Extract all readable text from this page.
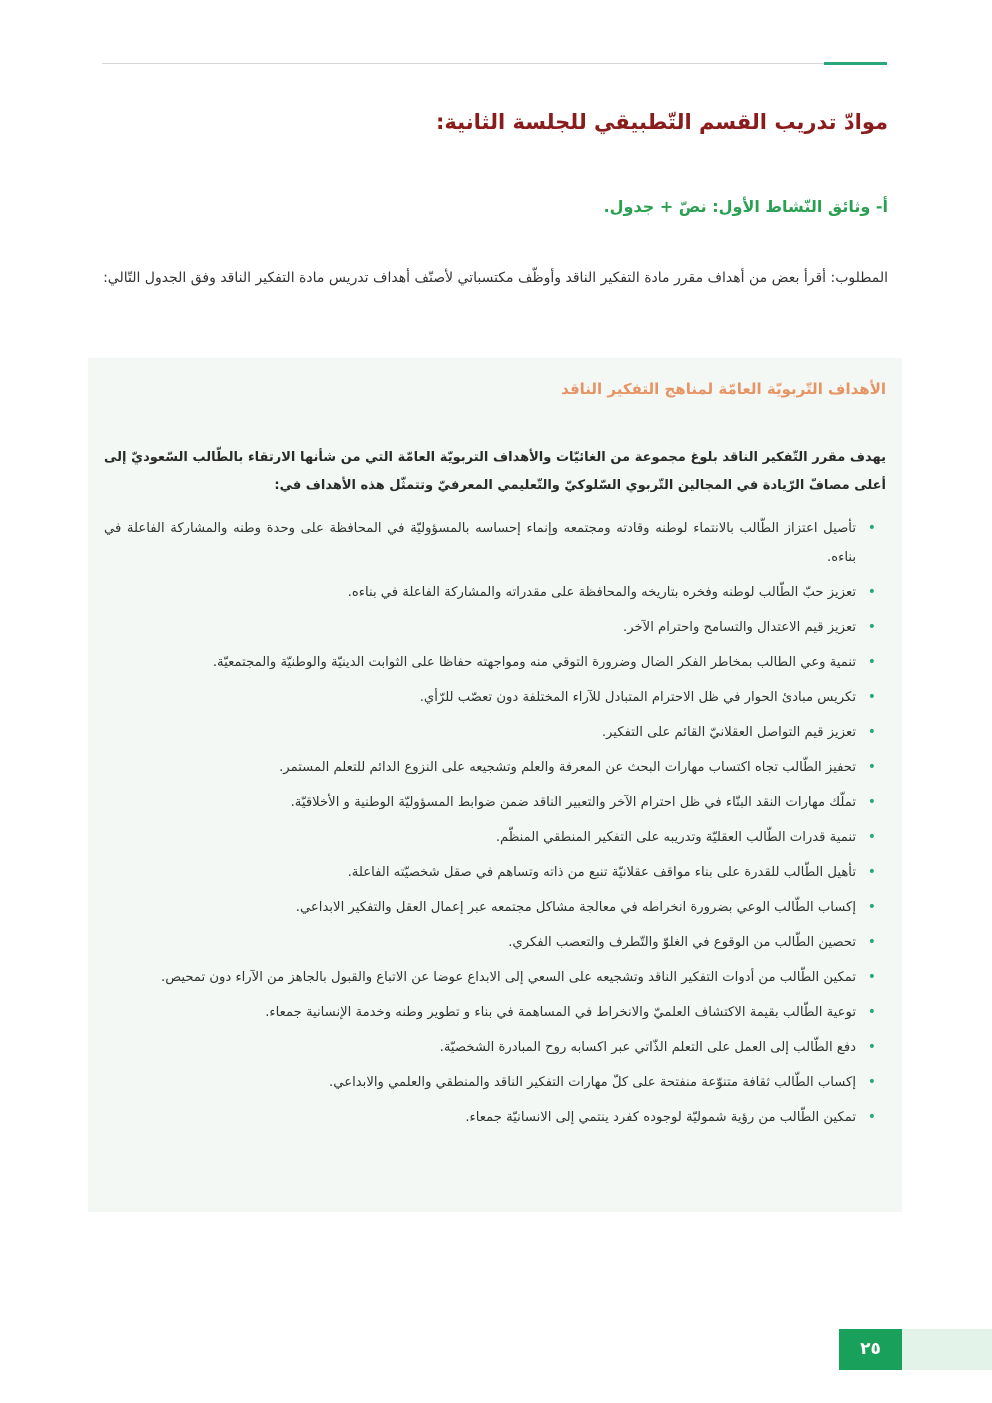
موادّ تدريب القسم التّطبيقي للجلسة الثانية:
أ- وثائق النّشاط الأول: نصّ + جدول.

المطلوب: أقرأ بعض من أهداف مقرر مادة التفكير الناقد وأوظّف مكتسباتي لأصنّف أهداف تدريس مادة التفكير الناقد وفق الجدول التّالي:

الأهداف التّربويّة العامّة لمناهج التفكير الناقد

يهدف مقرر التّفكير الناقد بلوغ مجموعة من الغائيّات والأهداف التربويّة العامّة التي من شأنها الارتقاء بالطّالب السّعوديّ إلى أعلى مصافّ الرّيادة في المجالين التّربوي السّلوكيّ والتّعليمي المعرفيّ وتتمثّل هذه الأهداف في:

•
تأصيل اعتزاز الطّالب بالانتماء لوطنه وقادته ومجتمعه وإنماء إحساسه بالمسؤوليّة في المحافظة على وحدة وطنه والمشاركة الفاعلة في بناءه.
•
تعزيز حبّ الطّالب لوطنه وفخره بتاريخه والمحافظة على مقدراته والمشاركة الفاعلة في بناءه.
•
تعزيز قيم الاعتدال والتسامح واحترام الآخر.
•
تنمية وعي الطالب بمخاطر الفكر الضال وضرورة التوقي منه ومواجهته حفاظا على الثوابت الدينيّة والوطنيّة والمجتمعيّة.
•
تكريس مبادئ الحوار في ظل الاحترام المتبادل للآراء المختلفة دون تعصّب للرّأي.
•
تعزيز قيم التواصل العقلانيّ القائم على التفكير.
•
تحفيز الطّالب تجاه اكتساب مهارات البحث عن المعرفة والعلم وتشجيعه على النزوع الدائم للتعلم المستمر.
•
تملّك مهارات النقد البنّاء في ظل احترام الآخر والتعبير الناقد ضمن ضوابط المسؤوليّة الوطنية و الأخلاقيّة.
•
تنمية قدرات الطّالب العقليّة وتدريبه على التفكير المنطقي المنظّم.
•
تأهيل الطّالب للقدرة على بناء مواقف عقلانيّة تنبع من ذاته وتساهم في صقل شخصيّته الفاعلة.
•
إكساب الطّالب الوعي بضرورة انخراطه في معالجة مشاكل مجتمعه عبر إعمال العقل والتفكير الابداعي.
•
تحصين الطّالب من الوقوع في الغلوّ والتّطرف والتعصب الفكري.
•
تمكين الطّالب من أدوات التفكير الناقد وتشجيعه على السعي إلى الابداع عوضا عن الاتباع والقبول بالجاهز من الآراء دون تمحيص.
•
توعية الطّالب بقيمة الاكتشاف العلميّ والانخراط في المساهمة في بناء و تطوير وطنه وخدمة الإنسانية جمعاء.
•
دفع الطّالب إلى العمل على التعلم الذّاتي عبر اكسابه روح المبادرة الشخصيّة.
•
إكساب الطّالب ثقافة متنوّعة منفتحة على كلّ مهارات التفكير الناقد والمنطقي والعلمي والابداعي.
•
تمكين الطّالب من رؤية شموليّة لوجوده كفرد ينتمي إلى الانسانيّة جمعاء.
٢٥
